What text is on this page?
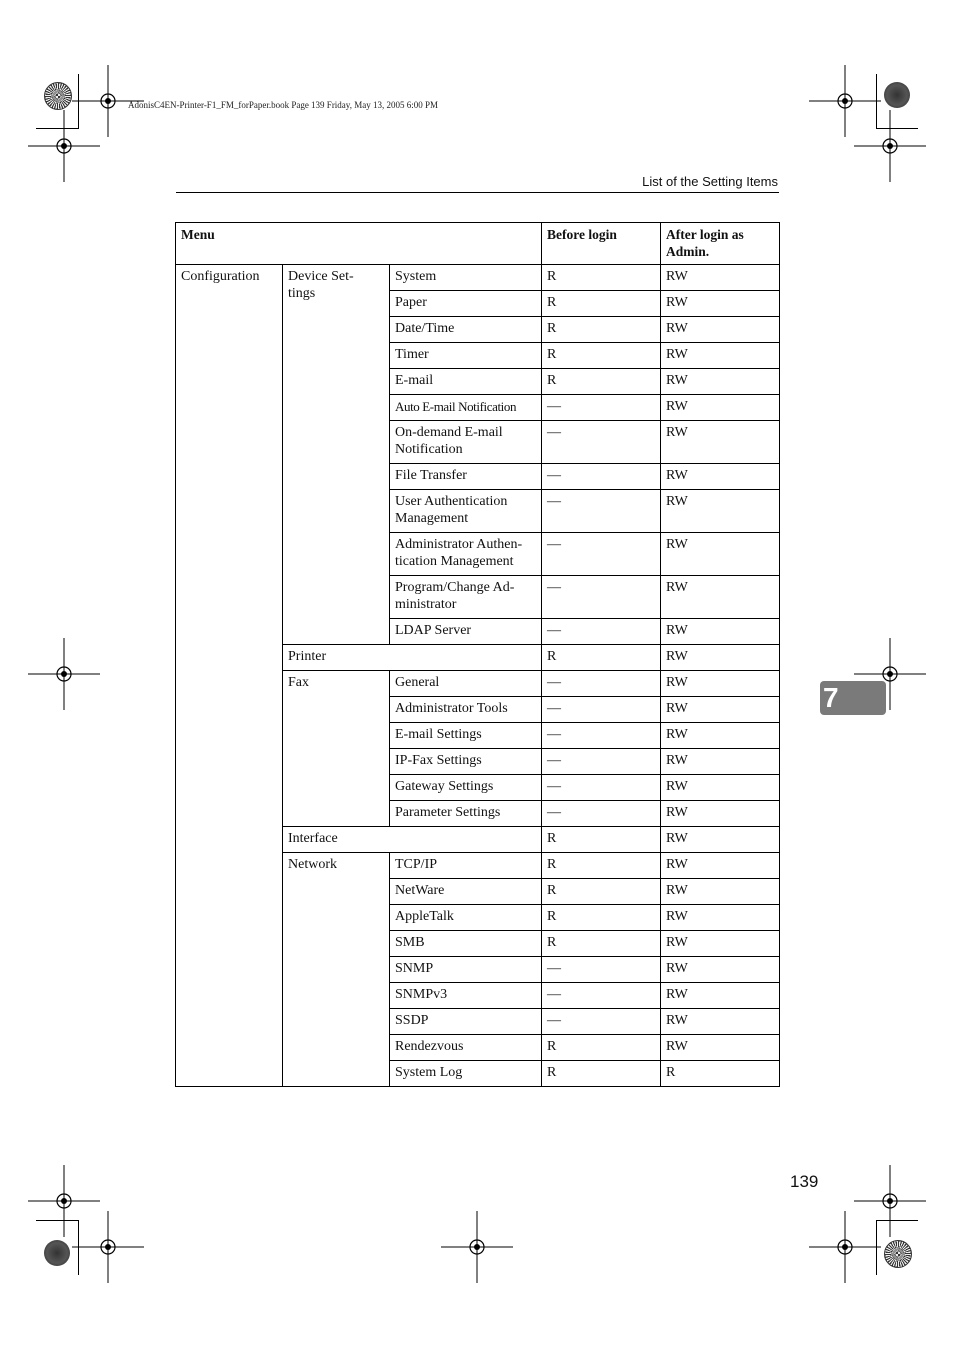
AdonisC4EN-Printer-F1_FM_forPaper.book Page 139 Friday, May 13, 2005 6:00 PM
List of the Setting Items
7
139
Menu			Before login	After login as Admin.
Configuration	Device Set- tings	System	R	RW
		Paper	R	RW
		Date/Time	R	RW
		Timer	R	RW
		E-mail	R	RW
		Auto E-mail Notification	—	RW
		On-demand E-mail Notification	—	RW
		File Transfer	—	RW
		User Authentication Management	—	RW
		Administrator Authen- tication Management	—	RW
		Program/Change Ad- ministrator	—	RW
		LDAP Server	—	RW
	Printer		R	RW
	Fax	General	—	RW
		Administrator Tools	—	RW
		E-mail Settings	—	RW
		IP-Fax Settings	—	RW
		Gateway Settings	—	RW
		Parameter Settings	—	RW
	Interface		R	RW
	Network	TCP/IP	R	RW
		NetWare	R	RW
		AppleTalk	R	RW
		SMB	R	RW
		SNMP	—	RW
		SNMPv3	—	RW
		SSDP	—	RW
		Rendezvous	R	RW
		System Log	R	R
